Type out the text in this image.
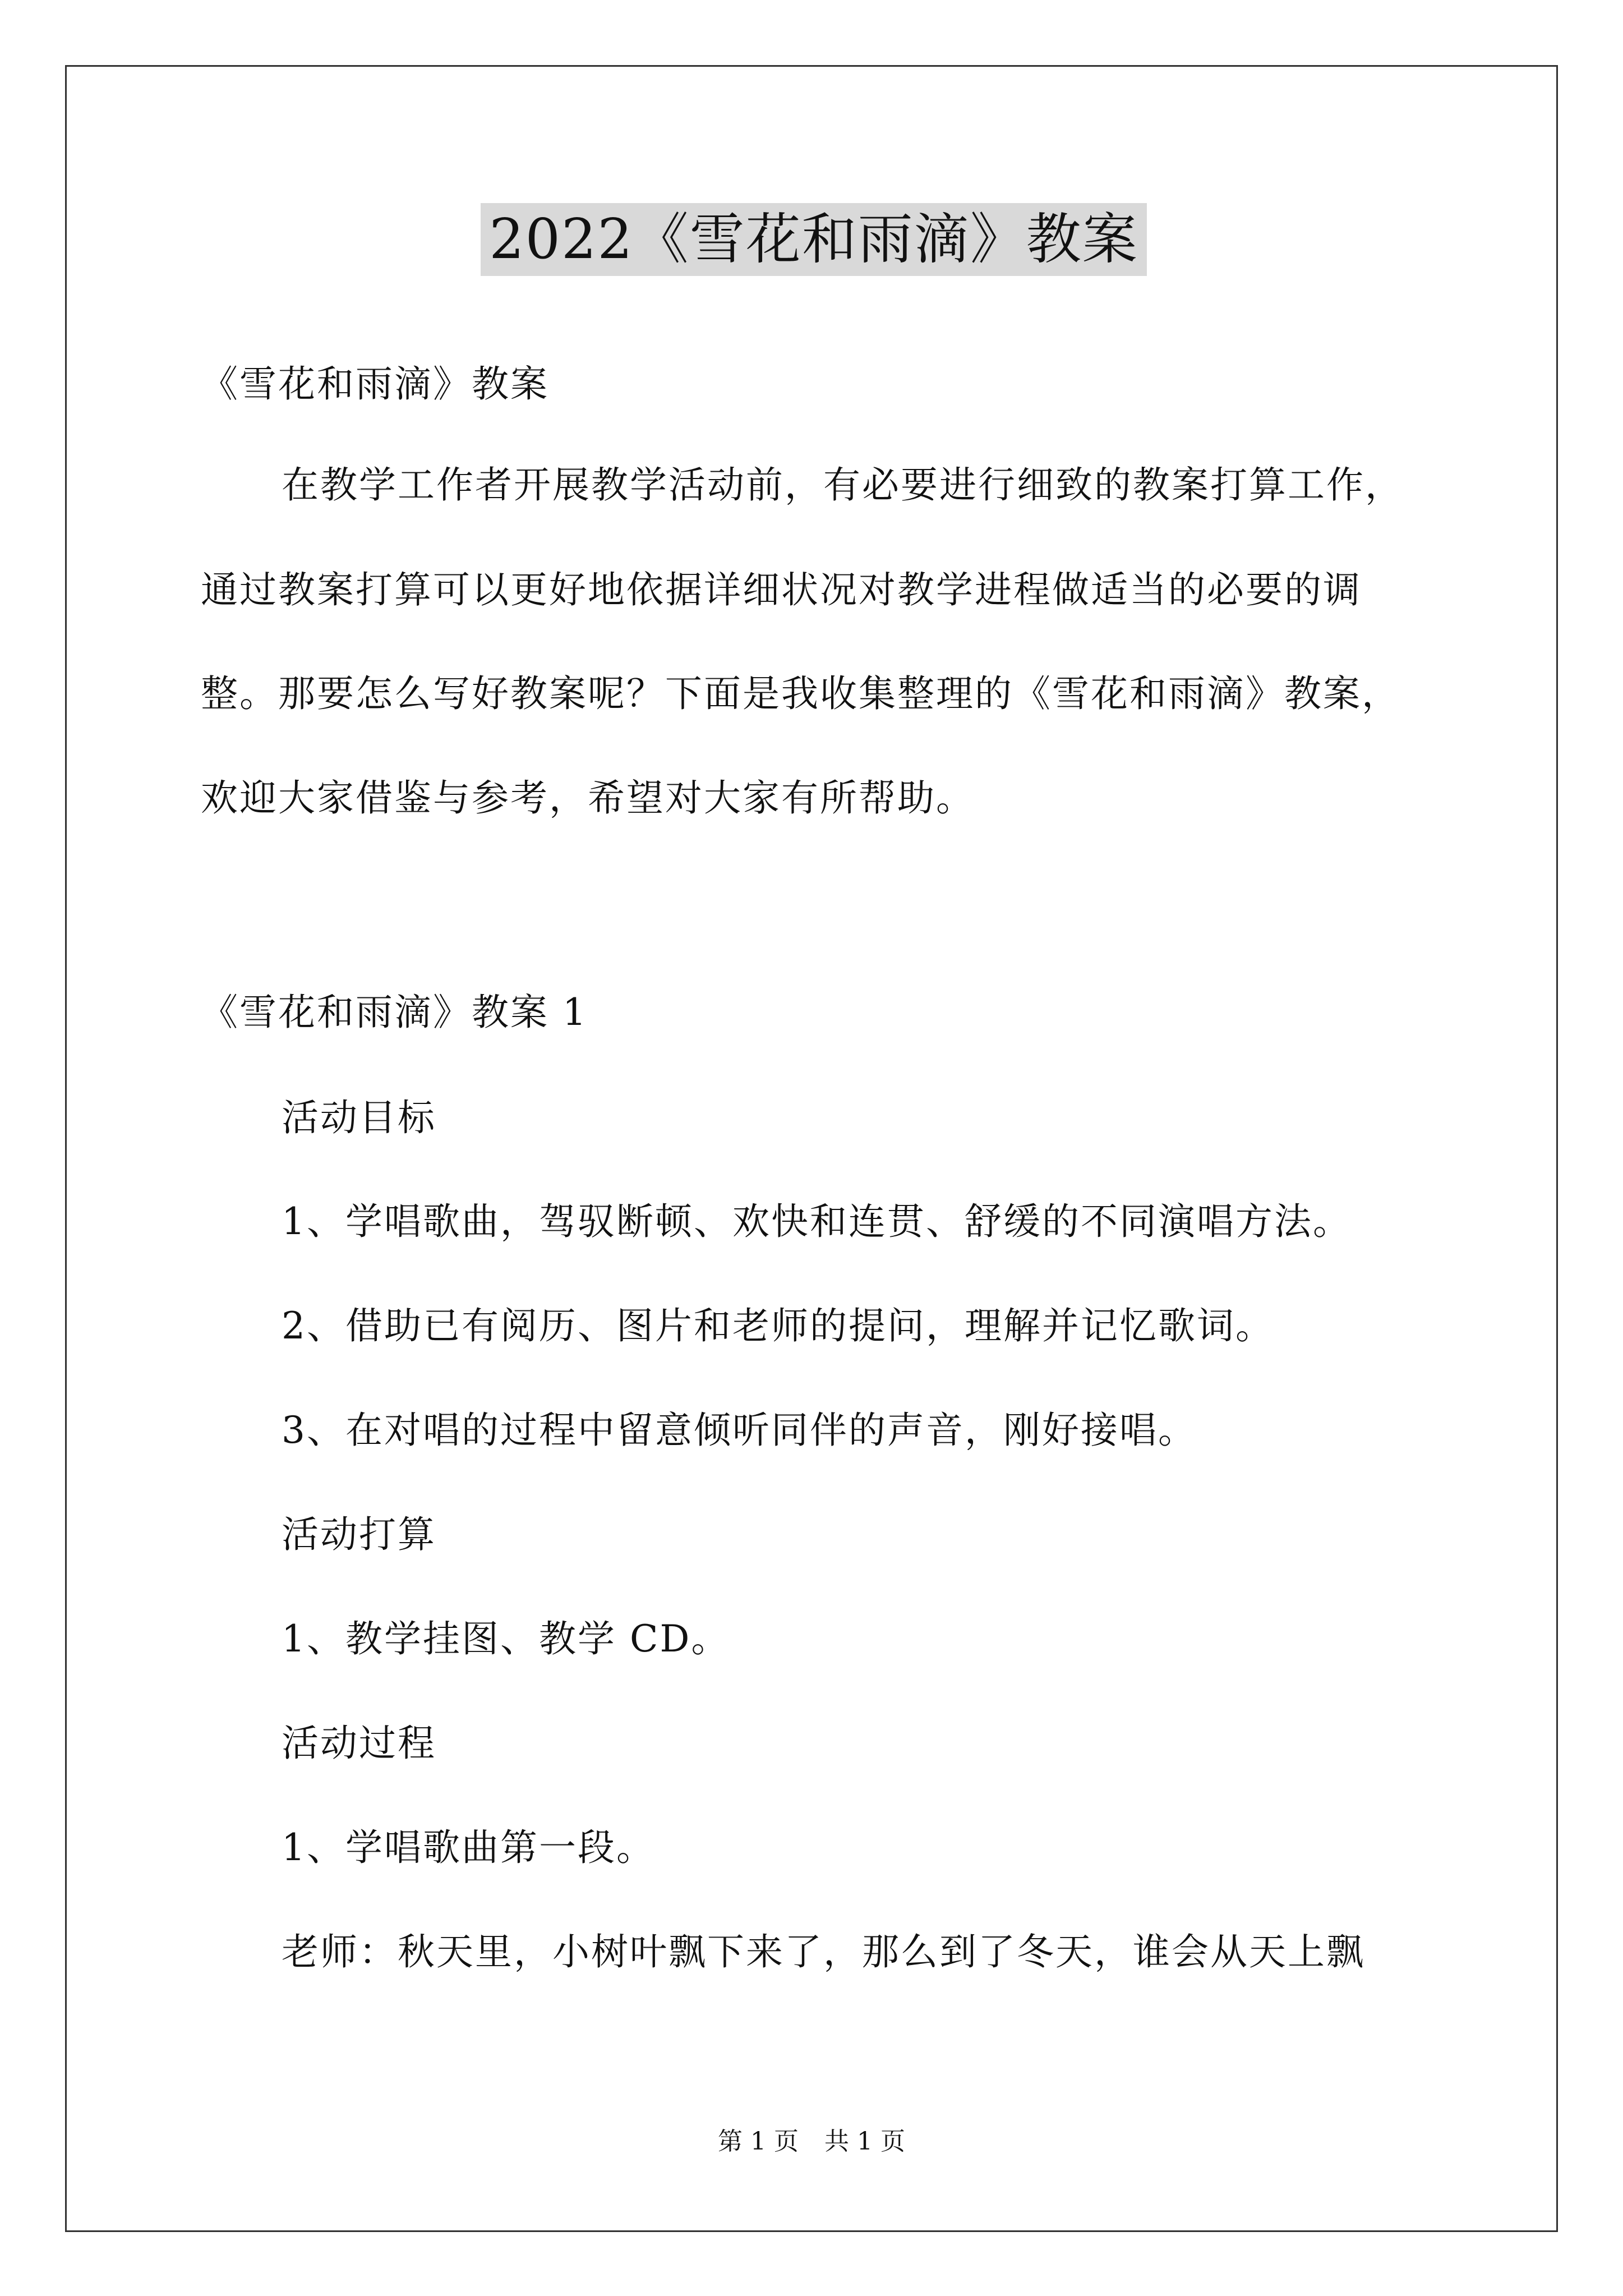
2022《雪花和雨滴》教案
《雪花和雨滴》教案
在教学工作者开展教学活动前，有必要进行细致的教案打算工作，
通过教案打算可以更好地依据详细状况对教学进程做适当的必要的调
整。那要怎么写好教案呢？下面是我收集整理的《雪花和雨滴》教案，
欢迎大家借鉴与参考，希望对大家有所帮助。
《雪花和雨滴》教案 1
活动目标
1、学唱歌曲，驾驭断顿、欢快和连贯、舒缓的不同演唱方法。
2、借助已有阅历、图片和老师的提问，理解并记忆歌词。
3、在对唱的过程中留意倾听同伴的声音，刚好接唱。
活动打算
1、教学挂图、教学 CD。
活动过程
1、学唱歌曲第一段。
老师：秋天里，小树叶飘下来了，那么到了冬天，谁会从天上飘
第 1 页 共 1 页
